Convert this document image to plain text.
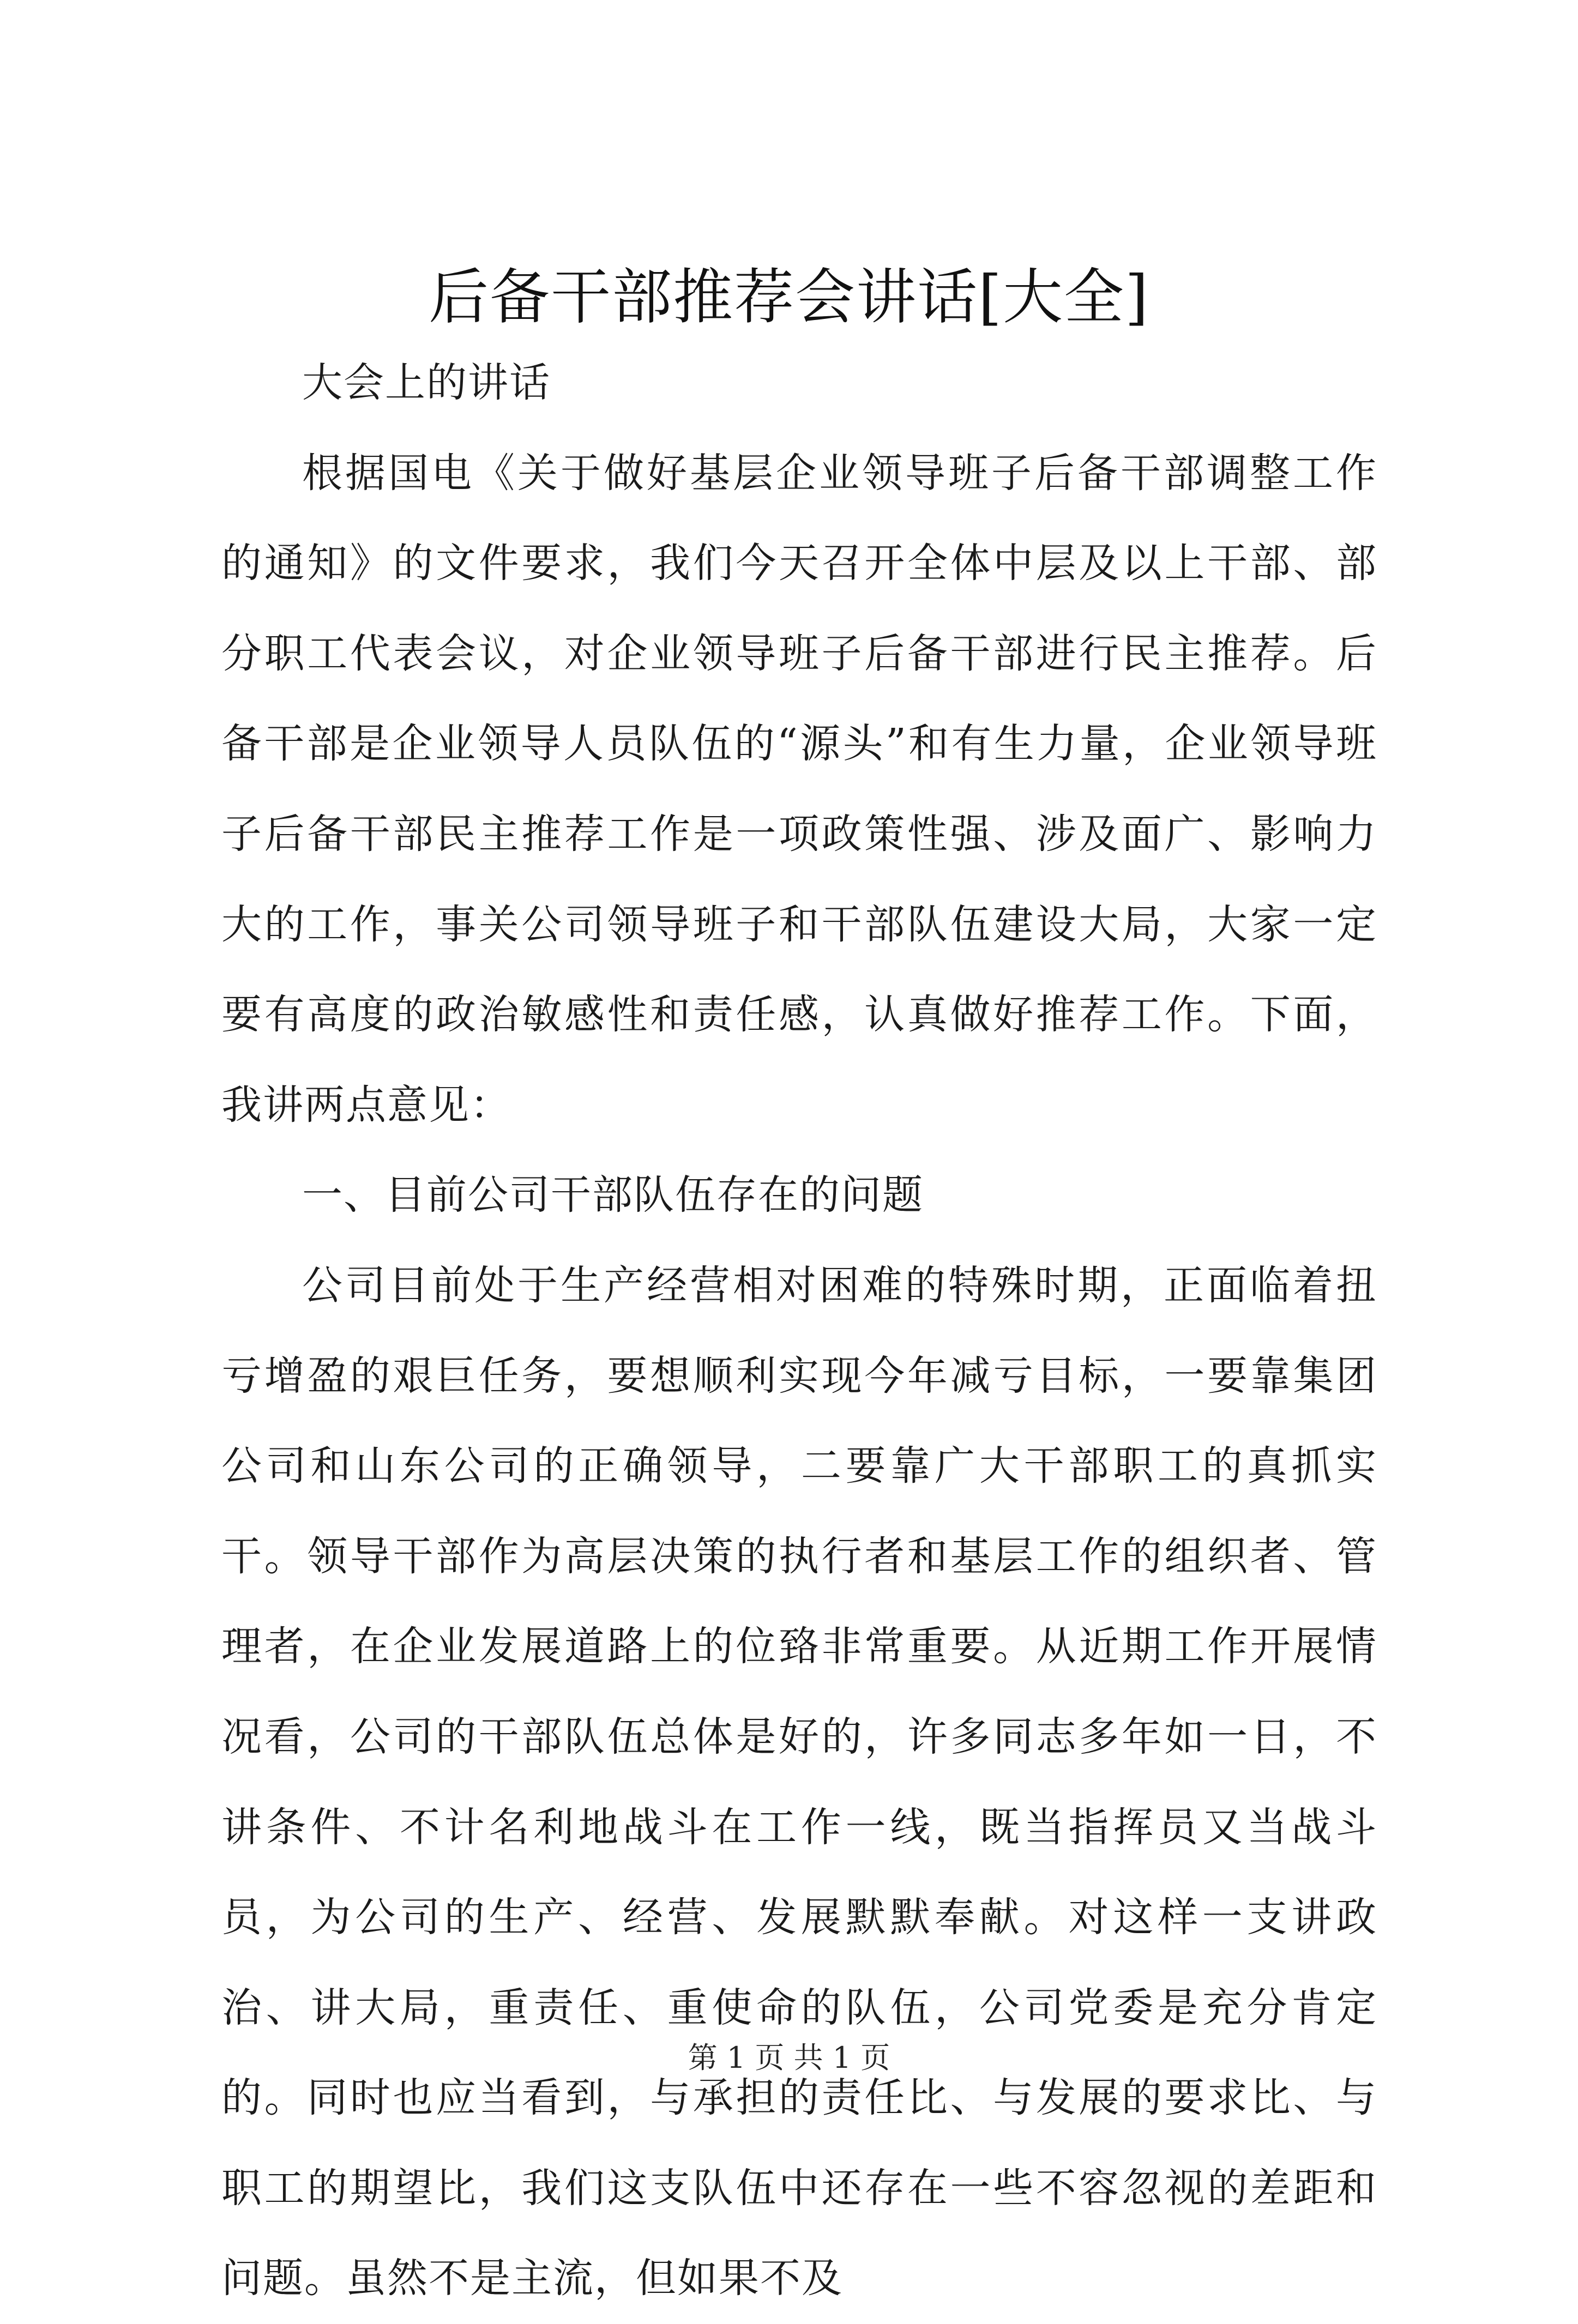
后备干部推荐会讲话[大全]

大会上的讲话

根据国电《关于做好基层企业领导班子后备干部调整工作的通知》的文件要求，我们今天召开全体中层及以上干部、部分职工代表会议，对企业领导班子后备干部进行民主推荐。后备干部是企业领导人员队伍的“源头”和有生力量，企业领导班子后备干部民主推荐工作是一项政策性强、涉及面广、影响力大的工作，事关公司领导班子和干部队伍建设大局，大家一定要有高度的政治敏感性和责任感，认真做好推荐工作。下面，我讲两点意见：

一、目前公司干部队伍存在的问题

公司目前处于生产经营相对困难的特殊时期，正面临着扭亏增盈的艰巨任务，要想顺利实现今年减亏目标，一要靠集团公司和山东公司的正确领导，二要靠广大干部职工的真抓实干。领导干部作为高层决策的执行者和基层工作的组织者、管理者，在企业发展道路上的位臵非常重要。从近期工作开展情况看，公司的干部队伍总体是好的，许多同志多年如一日，不讲条件、不计名利地战斗在工作一线，既当指挥员又当战斗员，为公司的生产、经营、发展默默奉献。对这样一支讲政治、讲大局，重责任、重使命的队伍，公司党委是充分肯定的。同时也应当看到，与承担的责任比、与发展的要求比、与职工的期望比，我们这支队伍中还存在一些不容忽视的差距和问题。虽然不是主流，但如果不及

第 1 页 共 1 页
